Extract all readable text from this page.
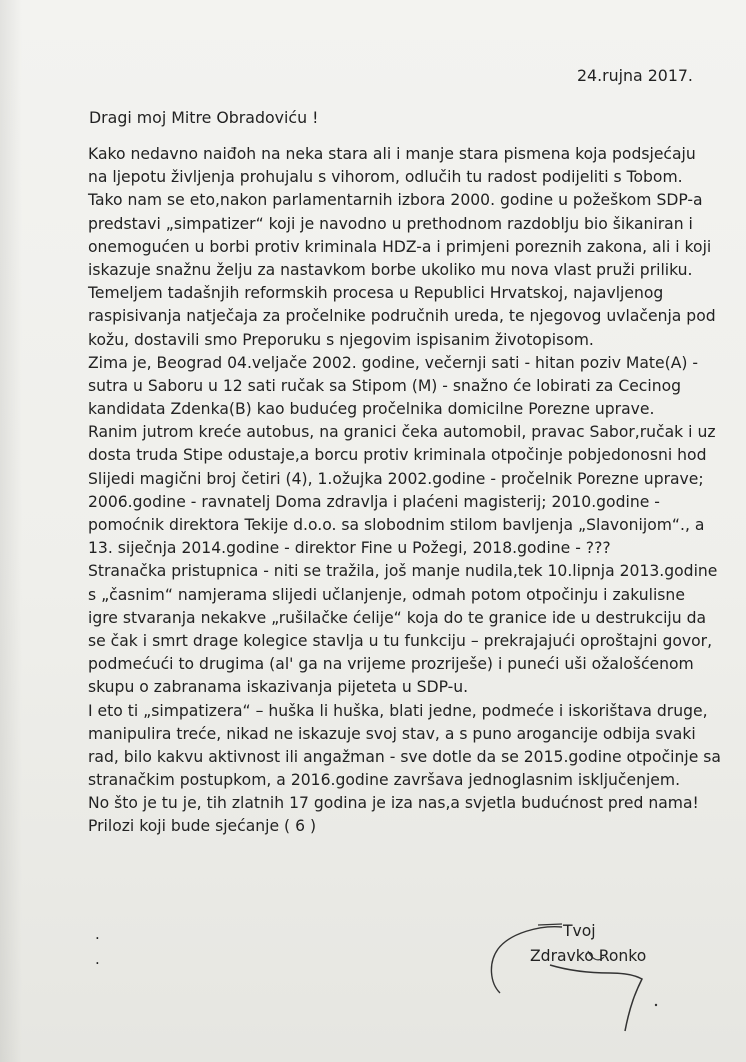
24.rujna 2017.
Dragi moj Mitre Obradoviću !
Kako nedavno naiđoh na neka stara ali i manje stara pismena koja podsjećaju
na ljepotu življenja prohujalu s vihorom, odlučih tu radost podijeliti s Tobom.
Tako nam se eto,nakon parlamentarnih izbora 2000. godine u požeškom SDP-a
predstavi „simpatizer“ koji je navodno u prethodnom razdoblju bio šikaniran i
onemogućen u borbi protiv kriminala HDZ-a i primjeni poreznih zakona, ali i koji
iskazuje snažnu želju za nastavkom borbe ukoliko mu nova vlast pruži priliku.
Temeljem tadašnjih reformskih procesa u Republici Hrvatskoj, najavljenog
raspisivanja natječaja za pročelnike područnih ureda, te njegovog uvlačenja pod
kožu, dostavili smo Preporuku s njegovim ispisanim životopisom.
Zima je, Beograd 04.veljače 2002. godine, večernji sati - hitan poziv Mate(A) -
sutra u Saboru u 12 sati ručak sa Stipom (M) - snažno će lobirati za Cecinog
kandidata Zdenka(B) kao budućeg pročelnika domicilne Porezne uprave.
Ranim jutrom kreće autobus, na granici čeka automobil, pravac Sabor,ručak i uz
dosta truda Stipe odustaje,a borcu protiv kriminala otpočinje pobjedonosni hod
Slijedi magični broj četiri (4), 1.ožujka 2002.godine - pročelnik Porezne uprave;
2006.godine - ravnatelj Doma zdravlja i plaćeni magisterij; 2010.godine -
pomoćnik direktora Tekije d.o.o. sa slobodnim stilom bavljenja „Slavonijom“., a
13. siječnja 2014.godine - direktor Fine u Požegi, 2018.godine - ???
Stranačka pristupnica - niti se tražila, još manje nudila,tek 10.lipnja 2013.godine
s „časnim“ namjerama slijedi učlanjenje, odmah potom otpočinju i zakulisne
igre stvaranja nekakve „rušilačke ćelije“ koja do te granice ide u destrukciju da
se čak i smrt drage kolegice stavlja u tu funkciju – prekrajajući oproštajni govor,
podmećući to drugima (al' ga na vrijeme prozriješe) i puneći uši ožalošćenom
skupu o zabranama iskazivanja pijeteta u SDP-u.
I eto ti „simpatizera“ – huška li huška, blati jedne, podmeće i iskorištava druge,
manipulira treće, nikad ne iskazuje svoj stav, a s puno arogancije odbija svaki
rad, bilo kakvu aktivnost ili angažman - sve dotle da se 2015.godine otpočinje sa
stranačkim postupkom, a 2016.godine završava jednoglasnim isključenjem.
No što je tu je, tih zlatnih 17 godina je iza nas,a svjetla budućnost pred nama!
Prilozi koji bude sjećanje ( 6 )
.
.
Tvoj
Zdravko Ronko
